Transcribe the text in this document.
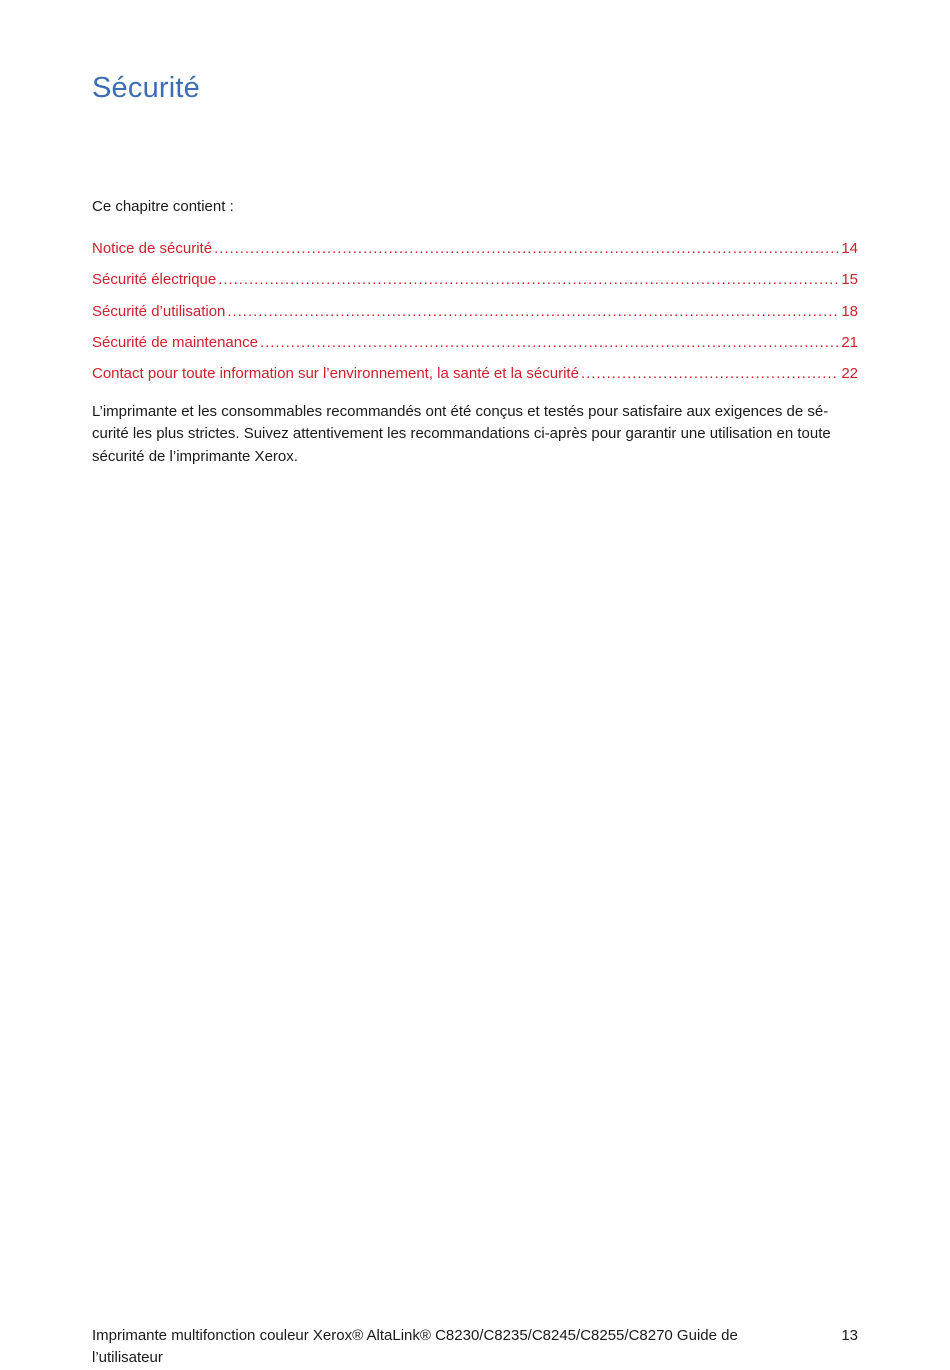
Sécurité

Ce chapitre contient :

Notice de sécurité . . .	14
Sécurité électrique . . .	15
Sécurité d’utilisation . . .	18
Sécurité de maintenance . . .	21
Contact pour toute information sur l’environnement, la santé et la sécurité . . .	22

L’imprimante et les consommables recommandés ont été conçus et testés pour satisfaire aux exigences de sé-curité les plus strictes. Suivez attentivement les recommandations ci-après pour garantir une utilisation en toute sécurité de l’imprimante Xerox.

Imprimante multifonction couleur Xerox® AltaLink® C8230/C8235/C8245/C8255/C8270 Guide de l’utilisateur

13
